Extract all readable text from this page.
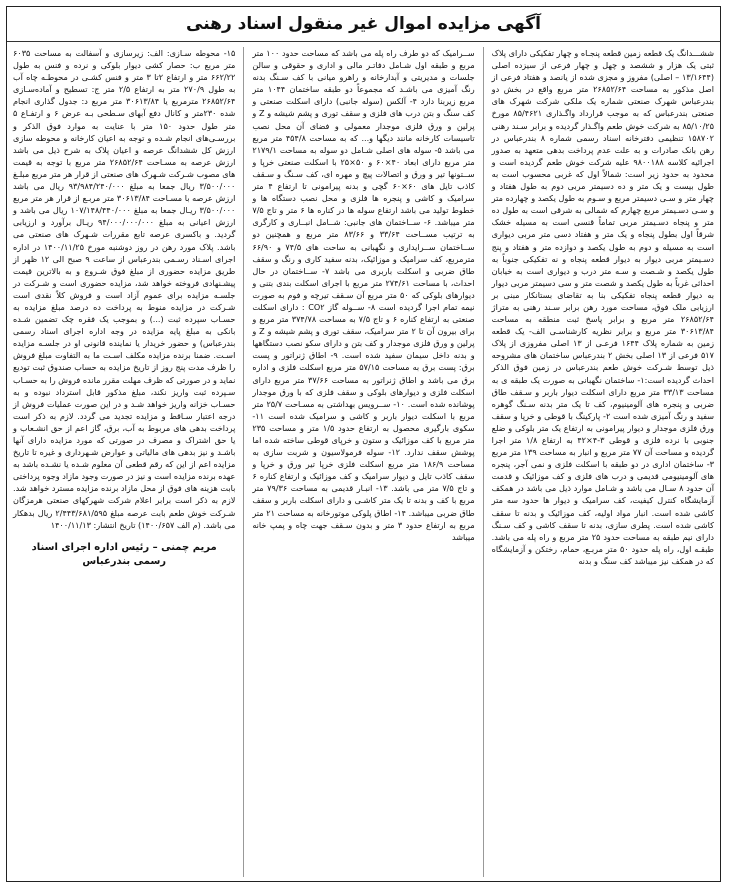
آگهی مزایده اموال غیر منقول اسناد رهنی

ششـــدانگ یک قطعه زمین قطعه پنجـاه و چهار تفکیکی دارای پلاک ثبتی یک هزار و ششصد و چهل و چهار فرعی از سیزده اصلی (۱۳/۱۶۴۴ – اصلی) مفروز و مجزی شده از یانصد و هفتاد فرعی از اصل مذکور به مساحت ۲۶۸۵۲/۶۴ متر مربع واقع در بخش دو بندرعباس شهرک صنعتی شماره یک ملکی شرکت شهرک های صنعتی بندرعباس که به موجب قرارداد واگـذاری ۸۵/۴۶۲۱ مورخ ۸۵/۱۰/۲۵ به شرکت خوش طعم واگـذار گردیده و برابر سـند رهنی ۱۵۸۷۰۲ تنظیمی دفترخانه اسناد رسمی شماره ۸ بندرعباس در رهن بانک صادرات و به علت عدم پرداخت بدهی متعهد به صدور اجرائیه کلاسه ۹۸۰۰۱۸۸ علیه شرکت خوش طعم گردیده است و محدود به حدود زیر است: شمالاً اول که غربی محسوب است به طول بیست و یک متر و ده دسیمتر مربی دوم به طول هفتاد و چهار متر و سـی دسیمتر مربع و سـوم به طول یکصد و چهارده متر و سـی دسـیمتر مربع چهارم که شمالی به شرقی است به طول ده متر و پنجاه دسـیمتر مربی تماماً قنسی است به مسیله خشک شرقاً اول بطول پنجاه و یک متر و هفتاد دسی متر مربی دیواری است به مسیله و دوم به طول یکصد و دوازده متر و هفتاد و پنج دسـیمتر مربی دیوار به دیوار قطعه پنجاه و نه تفکیکی جنوباً به طول یکصد و شـصت و سـه متر درب و دیواری است به خیابان احداثی غرباً به طول یکصد و شصت متر و سی دسیمتر مربی دیوار به دیوار قطعه پنجاه تفکیکی بنا به تقاضای بستانکار مبنی بر ارزیابی ملک فوق، مساحت مورد رهن برابر سـند رهنی به متراژ ۲۶۸۵۲/۶۴ متر مربع و برابر پاسخ ثبت منطقه به مساحت ۳۰۶۱۳/۸۴ متر مربع و برابر نظریه کارشناسـی الف- یک قطعه زمین به شماره پلاک ۱۶۴۴ فرعـی از ۱۳ اصلی مفروزی از پلاک ۵۱۷ فرعی از ۱۳ اصلی بخش ۲ بندرعباس ساختمان های مشروحه ذیل توسط شـرکت خوش طعم بندرعباس در زمین فوق الذکر احداث گردیده است:۱- ساختمان نگهبانی به صورت یک طبقه ی به مساحت ۳۳/۱۳ متر مربع دارای اسکلت دیوار باربر و سـقف طاق ضربی و پنجره های آلومینیوم، کف تا یک متر بدنه سـنگ گوهره سفید و رنگ آمیزی شده است ۲- پارکینگ با قوطی و خرپا و سقف ورق فلزی موجدار و دیوار پیرامونی به ارتفاع یک متر بلوکی و ضلع جنوبی با نرده فلزی و قوطی ۳-۴×۴۲ به ارتفاع ۱/۸ متر اجرا گردیده و مساحت آن ۷۷ متر مربع و انبار به مساحت ۱۳۹ متر مربع ۳- ساختمان اداری در دو طبقه با اسکلت فلزی و نمی آجر، پنجره های آلومینیومی قدیمی و درب های فلزی و کف موزائیک و قدمت آن حدود ۸ سـال می باشد و شـامل موارد ذیل می باشد در همکف آزمایشگاه کنترل کیفیت، کف سرامیک و دیوار ها حدود سه متر کاشی شده است. انبار مواد اولیه، کف موزائیک و بدنه تا سقف کاشی شده است. پطری سازی، بدنه تا سقف کاشی و کف سـنگ دارای نیم طبقه به مساحت حدود ۲۵ متر مربع و راه پله می باشد. طبقـه اول، راه پله حدود ۵۰ متر مربـع، حمام، رختکن و آزمایشگاه که در همکف نیز میباشد کف سنگ و بدنه

ســرامیک که دو طرف راه پله می باشد که مساحت حدود ۱۰۰ متر مربع و طبقه اول شـامل دفاتـر مالی و اداری و حقوقی و سالن جلسات و مدیریتی و آبدارخانه و راهرو میانی با کف سـنگ بدنه رنگ آمیزی می باشـد که مجموعاً دو طبقه ساختمان ۱۰۴۴ متر مربع زیربنا دارد ۴- آلکس (سوله جانبی) دارای اسکلت صنعتی و کف سنگ و بتن درب های فلزی و سقف توری و پشم شیشه و Z و پرلین و ورق فلزی موجدار معمولی و فضای آن محل نصب تاسیسات کارخانه مانند دیگها و... که به مساحت ۴۵۴/۸ متر مربع می باشد ۵- سوله های اصلی شـامل دو سوله به مساحت ۲۱۷۹/۱ متر مربع دارای ابعاد ۴۰×۶۰ و ۵۰×۲۵ با اسکلت صنعتی خرپا و ســتونها تیر و ورق و اتصالات پیچ و مهره ای، کف سـنگ و سـقف کاذب تایل های ۶۰×۶۰ گچی و بدنه پیرامونی تا ارتفاع ۴ متر سرامیک و کاشی و پنجره ها فلزی و محل نصب دستگاه ها و خطوط تولید می باشد ارتفاع سوله ها در کناره ها ۶ متر و تاج ۷/۵ متر میباشد. ۶- ســاختمان های جانبی: شــامل انبــاری و کارگری به ترتیب مســاحت ۳۳/۶۴ و ۸۳/۶۶ متر مربع و همچنین دو ســاختمان ســرایداری و نگهبانی به ساحت های ۷۴/۵ و ۶۶/۹۰ مترمربع، کف سرامیک و موزائیک، بدنه سفید کاری و رنگ و سقف طاق ضربی و اسکلت باربری می باشد ۷- ســاختمان در حال احداث، با مساحت ۲۷۴/۶۱ متر مربع با اجرای اسکلت بندی بتنی و دیوارهای بلوکی که ۵۰ متر مربع آن سـقف تیرچه و فوم به صورت نیمه تمام اجرا گردیده است ۸- ســوله گاز CO۲ : دارای اسکلت صنعتی به ارتفاع کناره ۶ و تاج ۷/۵ به مساحت ۳۷۴/۷۸ متر مربع و برای بیرون آن تا ۲ متر سرامیک، سقف توری و پشم شیشه و Z و پرلین و ورق فلزی موجدار و کف بتن و دارای سکو نصب دستگاهها و بدنه داخل سیمان سفید شده است. ۹- اطاق ژنراتور و پست برق: پست برق به مساحت ۵۷/۱۵ متر مربع اسکلت فلزی و اداره برق می باشد و اطاق ژنراتور به مساحت ۳۷/۶۶ متر مربع دارای اسکلت فلزی و دیوارهای بلوکی و سقف فلزی که با ورق موجدار پوشانده شده است. ۱۰- ســرویس بهداشتی به مسـاحت ۲۵/۷ متر مربع با اسکلت دیوار باربر و کاشی و سرامیک شده است ۱۱- سکوی بارگیری محصول به ارتفاع حدود ۱/۵ متر و مساحت ۲۳۵ متر مربع با کف موزائیک و ستون و خرپای قوطی ساخته شده اما پوشش سقف ندارد. ۱۲- سوله فرمولاسیون و شربت سازی به مساحت ۱۸۶/۹ متر مربع اسکلت فلزی خرپا تیر ورق و خرپا و سقف کاذب تایل و دیوار سرامیک و کف موزائیک و ارتفاع کناره ۶ و تاج ۷/۵ متر می باشد. ۱۳- انبـار قدیمی به مساحت ۷۹/۳۶ متر مربع با کف و بدنه تا یک متر کاشـی و دارای اسکلت باربر و سقف طاق ضربی میباشد. ۱۴- اطاق پلوکی موتورخانه به مساحت ۲۱ متر مربع به ارتفاع حدود ۳ متر و بدون سـقف جهت چاه و پمپ خانه میباشد

۱۵- محوطه سـازی: الف: زیرسازی و آسفالت به مساحت ۶۰۳۵ متر مربع ب: حصار کشی دیوار بلوکی و نرده و فنس به طول ۶۶۲/۲۲ متر و ارتفاع ۲تا ۳ متر و فنس کشـی در محوطـه چاه آب به طول ۲۷۰/۹ متر به ارتفاع ۲/۵ متر ج: تسطیح و آماده‌سـازی ۲۶۸۵۲/۶۴ مترمربع یا ۳۰۶۱۳/۸۴ متر مربع د: جدول گذاری انجام شده ۲۳۰متر و کانال دفع آبهای سـطحی بـه عرض ۶ و ارتفـاع ۵ متر طول حدود ۱۵۰ متر با عنایت به موارد فوق الذکر و بررسـی‌های انجام شـده و توجه به اعیان کارخانه و محوطه سازی ارزش کل ششدانگ عرصه و اعیان پلاک به شرح ذیل می باشد ارزش عرصه به مسـاحت ۲۶۸۵۲/۶۴ متر مربع با توجه به قیمت های مصوب شـرکت شـهرک های صنعتی از قرار هر متر مربع مبلـغ ۳/۵۰۰/۰۰۰ ریال جمعا به مبلغ ۹۳/۹۸۴/۲۴۰/۰۰۰ ریال می باشد ارزش عرصه با مسـاحت ۳۰۶۱۳/۸۴ متر مربـع از قرار هر متر مربع ۳/۵۰۰/۰۰۰ ریـال جمعا به مبلغ ۱۰۷/۱۴۸/۴۴۰/۰۰۰ ریال می باشد و ارزش اعیانی به مبلغ ۹۴/۰۰۰/۰۰۰/۰۰۰ ریـال برآورد و ارزیابی گردید. و باکسری عرصه تابع مقررات شـهرک های صنعتی می باشد. پلاک مورد رهن در روز دوشنبه مورخ ۱۴۰۰/۱۱/۲۵ در اداره اجرای اسـناد رسـمی بندرعباس از ساعت ۹ صبح الی ۱۲ ظهر از طریق مزایده حضوری از مبلغ فوق شـروع و به بالاترین قیمت پیشـنهادی فروخته خواهد شد، مزایده حضوری است و شـرکت در جلسـه مزایده برای عموم آزاد است و فروش کلاً نقدی است شـرکت در مزایده منوط به پرداخت ده درصد مبلغ مزایده به حسـاب سپرده ثبت (...) و بموجب یک فقره چک تضمین شـده بانکی به مبلغ پایه مزایده در وجه اداره اجرای اسناد رسمی بندرعباس) و حضور خریدار یا نماینده قانونی او در جلسـه مزایده اسـت. ضمنا برنده مزایده مکلف اسـت ما به التفاوت مبلغ فروش را ظرف مدت پنج روز از تاریخ مزایده به حساب صندوق ثبت تودیع نماید و در صورتی که ظرف مهلت مقرر مانده فروش را به حسـاب سـپرده ثبت واریز نکند، مبلغ مذکور قابل استرداد نبوده و به حسـاب خزانه واریز خواهد شـد و در این صورت عملیات فروش از درجه اعتبار سـاقط و مزایده تجدید می گردد. لازم به ذکر است پرداخت بدهی های مربوط به آب، برق، گاز اعم از حق انشـعاب و یا حق اشتراک و مصرف در صورتی که مورد مزایده دارای آنها باشـد و نیز بدهی های مالیاتی و عوارض شـهرداری و غیره تا تاریخ مزایده اعم از این که رقم قطعی آن معلوم شـده یا نشـده باشد به عهده برنده مزایده است و نیز در صورت وجود مازاد وجوه پرداختی بابت هزینه های فوق از محل مازاد برنده مزایده مسترد خواهد شد. لازم به ذکر است برابر اعلام شرکت شهرکهای صنعتی هرمزگان شـرکت خوش طعم بابت عرصه مبلغ ۲/۴۴۳/۶۸۱/۵۹۵ ریال بدهکار می باشد. (م الف ۱۴۰۰/۶۵۷) تاریخ انتشار: ۱۴۰۰/۱۱/۱۳

مریم چمنی – رئیس اداره اجرای اسناد
رسمی بندرعباس
